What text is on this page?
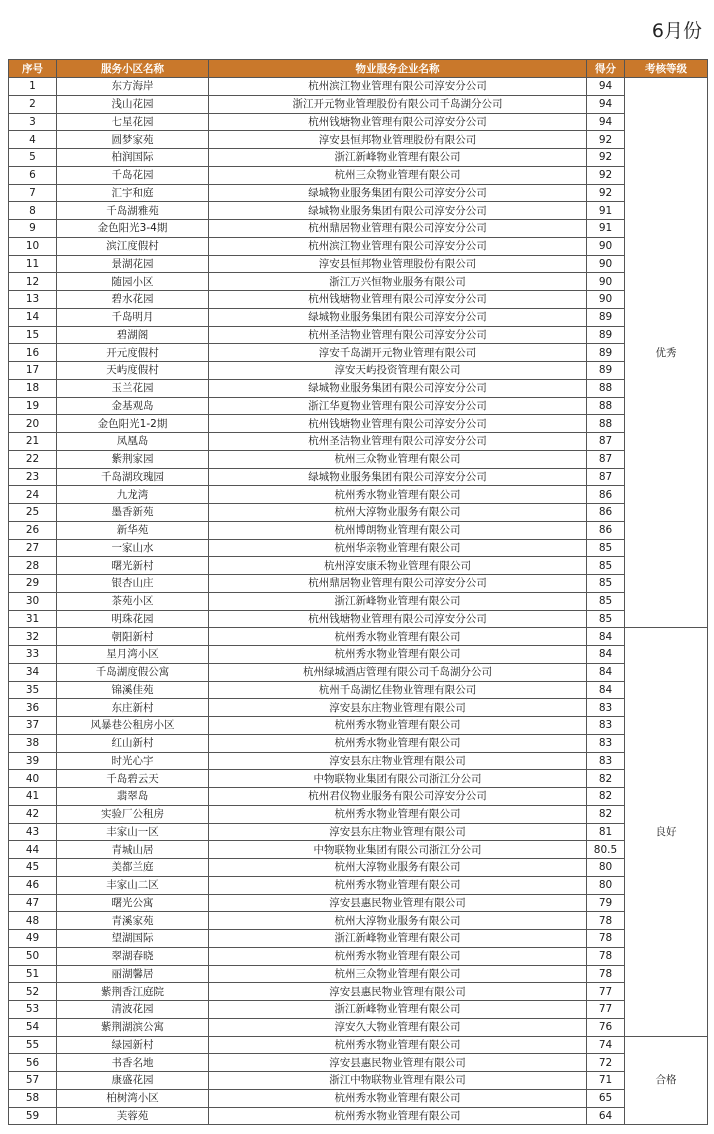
6月份
序号	服务小区名称	物业服务企业名称	得分	考核等级
1	东方海岸	杭州滨江物业管理有限公司淳安分公司	94	优秀
2	浅山花园	浙江开元物业管理股份有限公司千岛湖分公司	94	
3	七星花园	杭州钱塘物业管理有限公司淳安分公司	94	
4	圆梦家苑	淳安县恒邦物业管理股份有限公司	92	
5	柏润国际	浙江新峰物业管理有限公司	92	
6	千岛花园	杭州三众物业管理有限公司	92	
7	汇宇和庭	绿城物业服务集团有限公司淳安分公司	92	
8	千岛湖雅苑	绿城物业服务集团有限公司淳安分公司	91	
9	金色阳光3-4期	杭州鼎居物业管理有限公司淳安分公司	91	
10	滨江度假村	杭州滨江物业管理有限公司淳安分公司	90	
11	景湖花园	淳安县恒邦物业管理股份有限公司	90	
12	随园小区	浙江万兴恒物业服务有限公司	90	
13	碧水花园	杭州钱塘物业管理有限公司淳安分公司	90	
14	千岛明月	绿城物业服务集团有限公司淳安分公司	89	
15	碧湖阁	杭州圣洁物业管理有限公司淳安分公司	89	
16	开元度假村	淳安千岛湖开元物业管理有限公司	89	
17	天屿度假村	淳安天屿投资管理有限公司	89	
18	玉兰花园	绿城物业服务集团有限公司淳安分公司	88	
19	金基观岛	浙江华夏物业管理有限公司淳安分公司	88	
20	金色阳光1-2期	杭州钱塘物业管理有限公司淳安分公司	88	
21	凤凰岛	杭州圣洁物业管理有限公司淳安分公司	87	
22	紫荆家园	杭州三众物业管理有限公司	87	
23	千岛湖玫瑰园	绿城物业服务集团有限公司淳安分公司	87	
24	九龙湾	杭州秀水物业管理有限公司	86	
25	墨香新苑	杭州大淳物业服务有限公司	86	
26	新华苑	杭州博朗物业管理有限公司	86	
27	一家山水	杭州华亲物业管理有限公司	85	
28	曙光新村	杭州淳安康禾物业管理有限公司	85	
29	银杏山庄	杭州鼎居物业管理有限公司淳安分公司	85	
30	茶苑小区	浙江新峰物业管理有限公司	85	
31	明珠花园	杭州钱塘物业管理有限公司淳安分公司	85	
32	朝阳新村	杭州秀水物业管理有限公司	84	良好
33	星月湾小区	杭州秀水物业管理有限公司	84	
34	千岛湖度假公寓	杭州绿城酒店管理有限公司千岛湖分公司	84	
35	锦溪佳苑	杭州千岛湖忆佳物业管理有限公司	84	
36	东庄新村	淳安县东庄物业管理有限公司	83	
37	风暴巷公租房小区	杭州秀水物业管理有限公司	83	
38	红山新村	杭州秀水物业管理有限公司	83	
39	时光心宇	淳安县东庄物业管理有限公司	83	
40	千岛碧云天	中物联物业集团有限公司浙江分公司	82	
41	翡翠岛	杭州君仪物业服务有限公司淳安分公司	82	
42	实验厂公租房	杭州秀水物业管理有限公司	82	
43	丰家山一区	淳安县东庄物业管理有限公司	81	
44	青城山居	中物联物业集团有限公司浙江分公司	80.5	
45	美都兰庭	杭州大淳物业服务有限公司	80	
46	丰家山二区	杭州秀水物业管理有限公司	80	
47	曙光公寓	淳安县惠民物业管理有限公司	79	
48	青溪家苑	杭州大淳物业服务有限公司	78	
49	望湖国际	浙江新峰物业管理有限公司	78	
50	翠湖春晓	杭州秀水物业管理有限公司	78	
51	丽湖馨居	杭州三众物业管理有限公司	78	
52	紫荆香江庭院	淳安县惠民物业管理有限公司	77	
53	清波花园	浙江新峰物业管理有限公司	77	
54	紫荆湖滨公寓	淳安久大物业管理有限公司	76	
55	绿园新村	杭州秀水物业管理有限公司	74	合格
56	书香名地	淳安县惠民物业管理有限公司	72	
57	康盛花园	浙江中物联物业管理有限公司	71	
58	柏树湾小区	杭州秀水物业管理有限公司	65	
59	芙蓉苑	杭州秀水物业管理有限公司	64	
